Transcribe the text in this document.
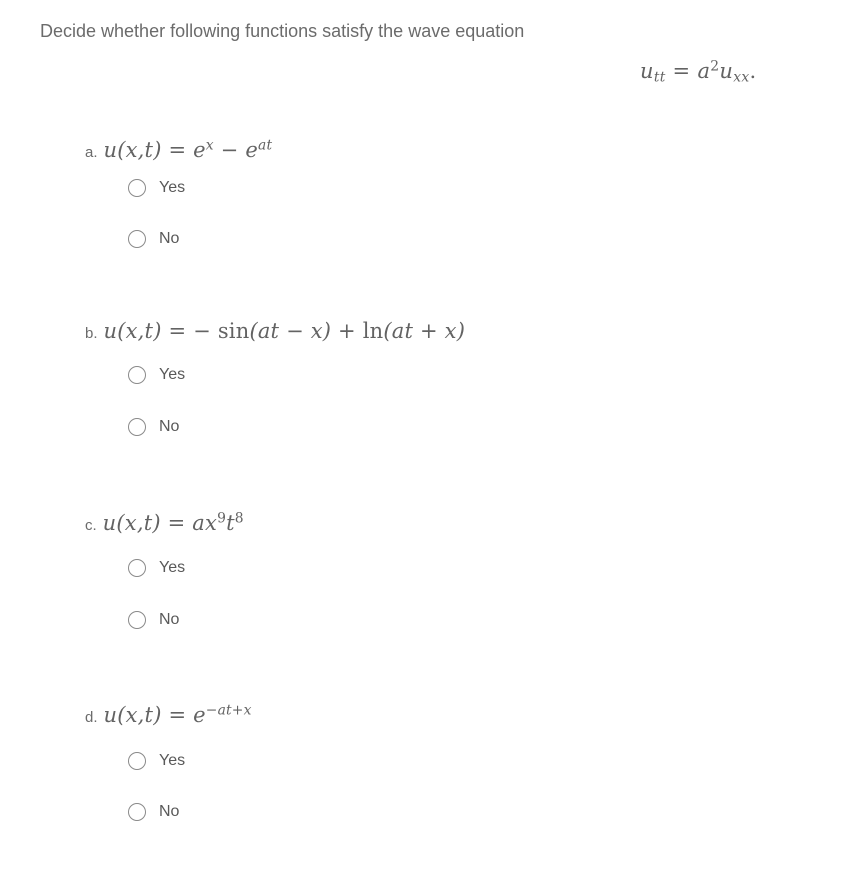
Decide whether following functions satisfy the wave equation
utt = $a^2uxx$.
a. $u(x,t) = e^x - e^{at}$
Yes
No
b. u(x,t) = − sin(at − x) + ln(at + x)
Yes
No
c. $u(x,t) = ax^9t^8$
Yes
No
d. $u(x,t) = e^{-at+x}$
Yes
No
